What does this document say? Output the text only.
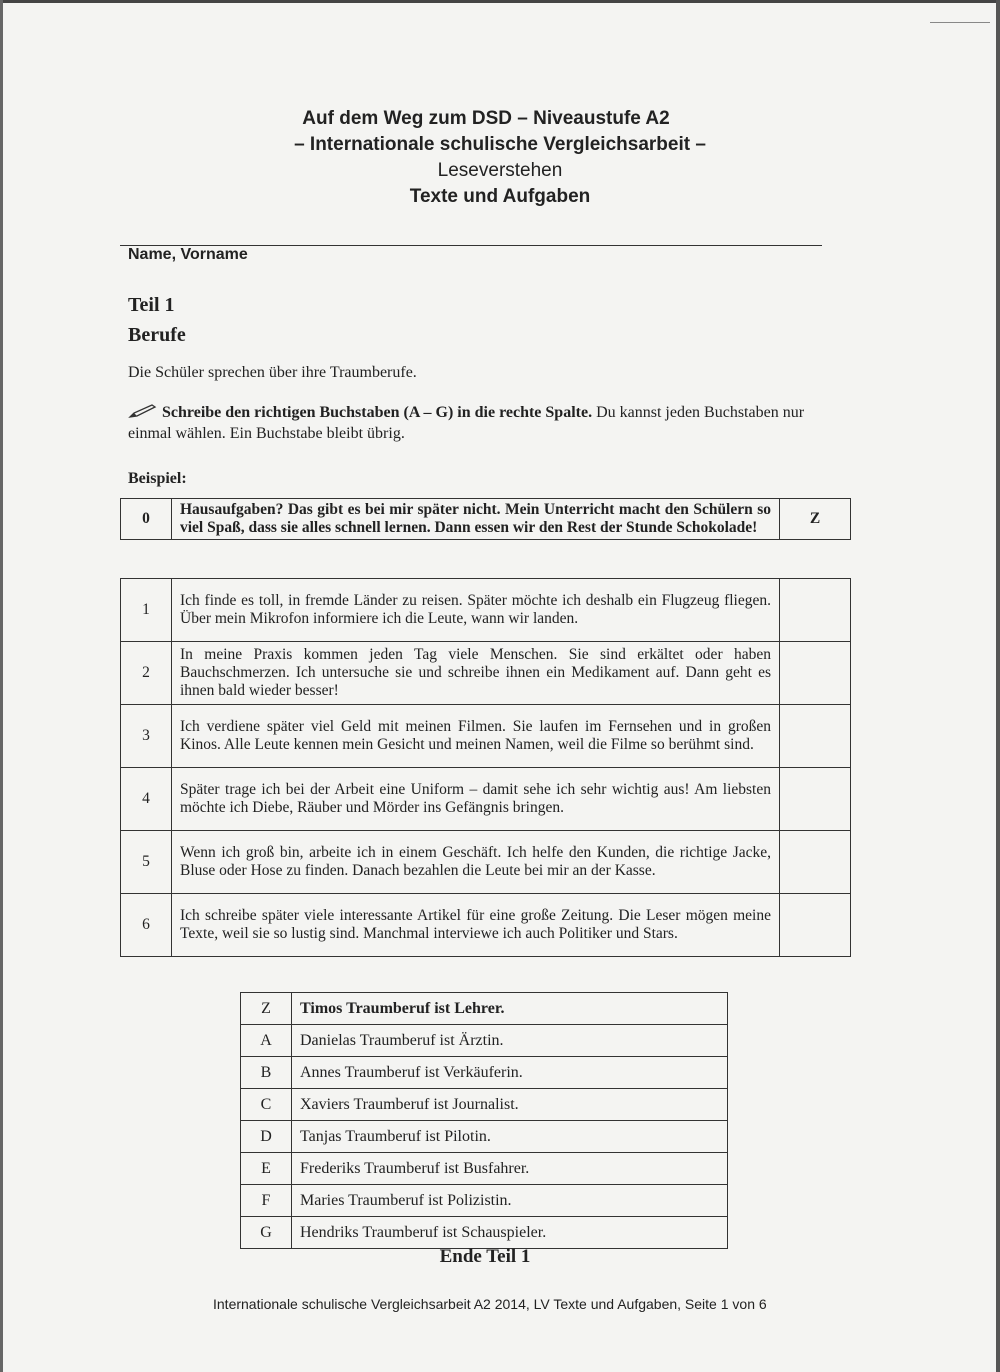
Auf dem Weg zum DSD – Niveaustufe A2
– Internationale schulische Vergleichsarbeit –
Leseverstehen
Texte und Aufgaben
Name, Vorname
Teil 1
Berufe
Die Schüler sprechen über ihre Traumberufe.
Schreibe den richtigen Buchstaben (A – G) in die rechte Spalte. Du kannst jeden Buchstaben nur einmal wählen. Ein Buchstabe bleibt übrig.
Beispiel:
0	Hausaufgaben? Das gibt es bei mir später nicht. Mein Unterricht macht den Schülern so viel Spaß, dass sie alles schnell lernen. Dann essen wir den Rest der Stunde Schokolade!	Z
1	Ich finde es toll, in fremde Länder zu reisen. Später möchte ich deshalb ein Flugzeug fliegen. Über mein Mikrofon informiere ich die Leute, wann wir landen.	
2	In meine Praxis kommen jeden Tag viele Menschen. Sie sind erkältet oder haben Bauchschmerzen. Ich untersuche sie und schreibe ihnen ein Medikament auf. Dann geht es ihnen bald wieder besser!	
3	Ich verdiene später viel Geld mit meinen Filmen. Sie laufen im Fernsehen und in großen Kinos. Alle Leute kennen mein Gesicht und meinen Namen, weil die Filme so berühmt sind.	
4	Später trage ich bei der Arbeit eine Uniform – damit sehe ich sehr wichtig aus! Am liebsten möchte ich Diebe, Räuber und Mörder ins Gefängnis bringen.	
5	Wenn ich groß bin, arbeite ich in einem Geschäft. Ich helfe den Kunden, die richtige Jacke, Bluse oder Hose zu finden. Danach bezahlen die Leute bei mir an der Kasse.	
6	Ich schreibe später viele interessante Artikel für eine große Zeitung. Die Leser mögen meine Texte, weil sie so lustig sind. Manchmal interviewe ich auch Politiker und Stars.	
Z	Timos Traumberuf ist Lehrer.
A	Danielas Traumberuf ist Ärztin.
B	Annes Traumberuf ist Verkäuferin.
C	Xaviers Traumberuf ist Journalist.
D	Tanjas Traumberuf ist Pilotin.
E	Frederiks Traumberuf ist Busfahrer.
F	Maries Traumberuf ist Polizistin.
G	Hendriks Traumberuf ist Schauspieler.
Ende Teil 1
Internationale schulische Vergleichsarbeit A2 2014, LV Texte und Aufgaben, Seite 1 von 6
